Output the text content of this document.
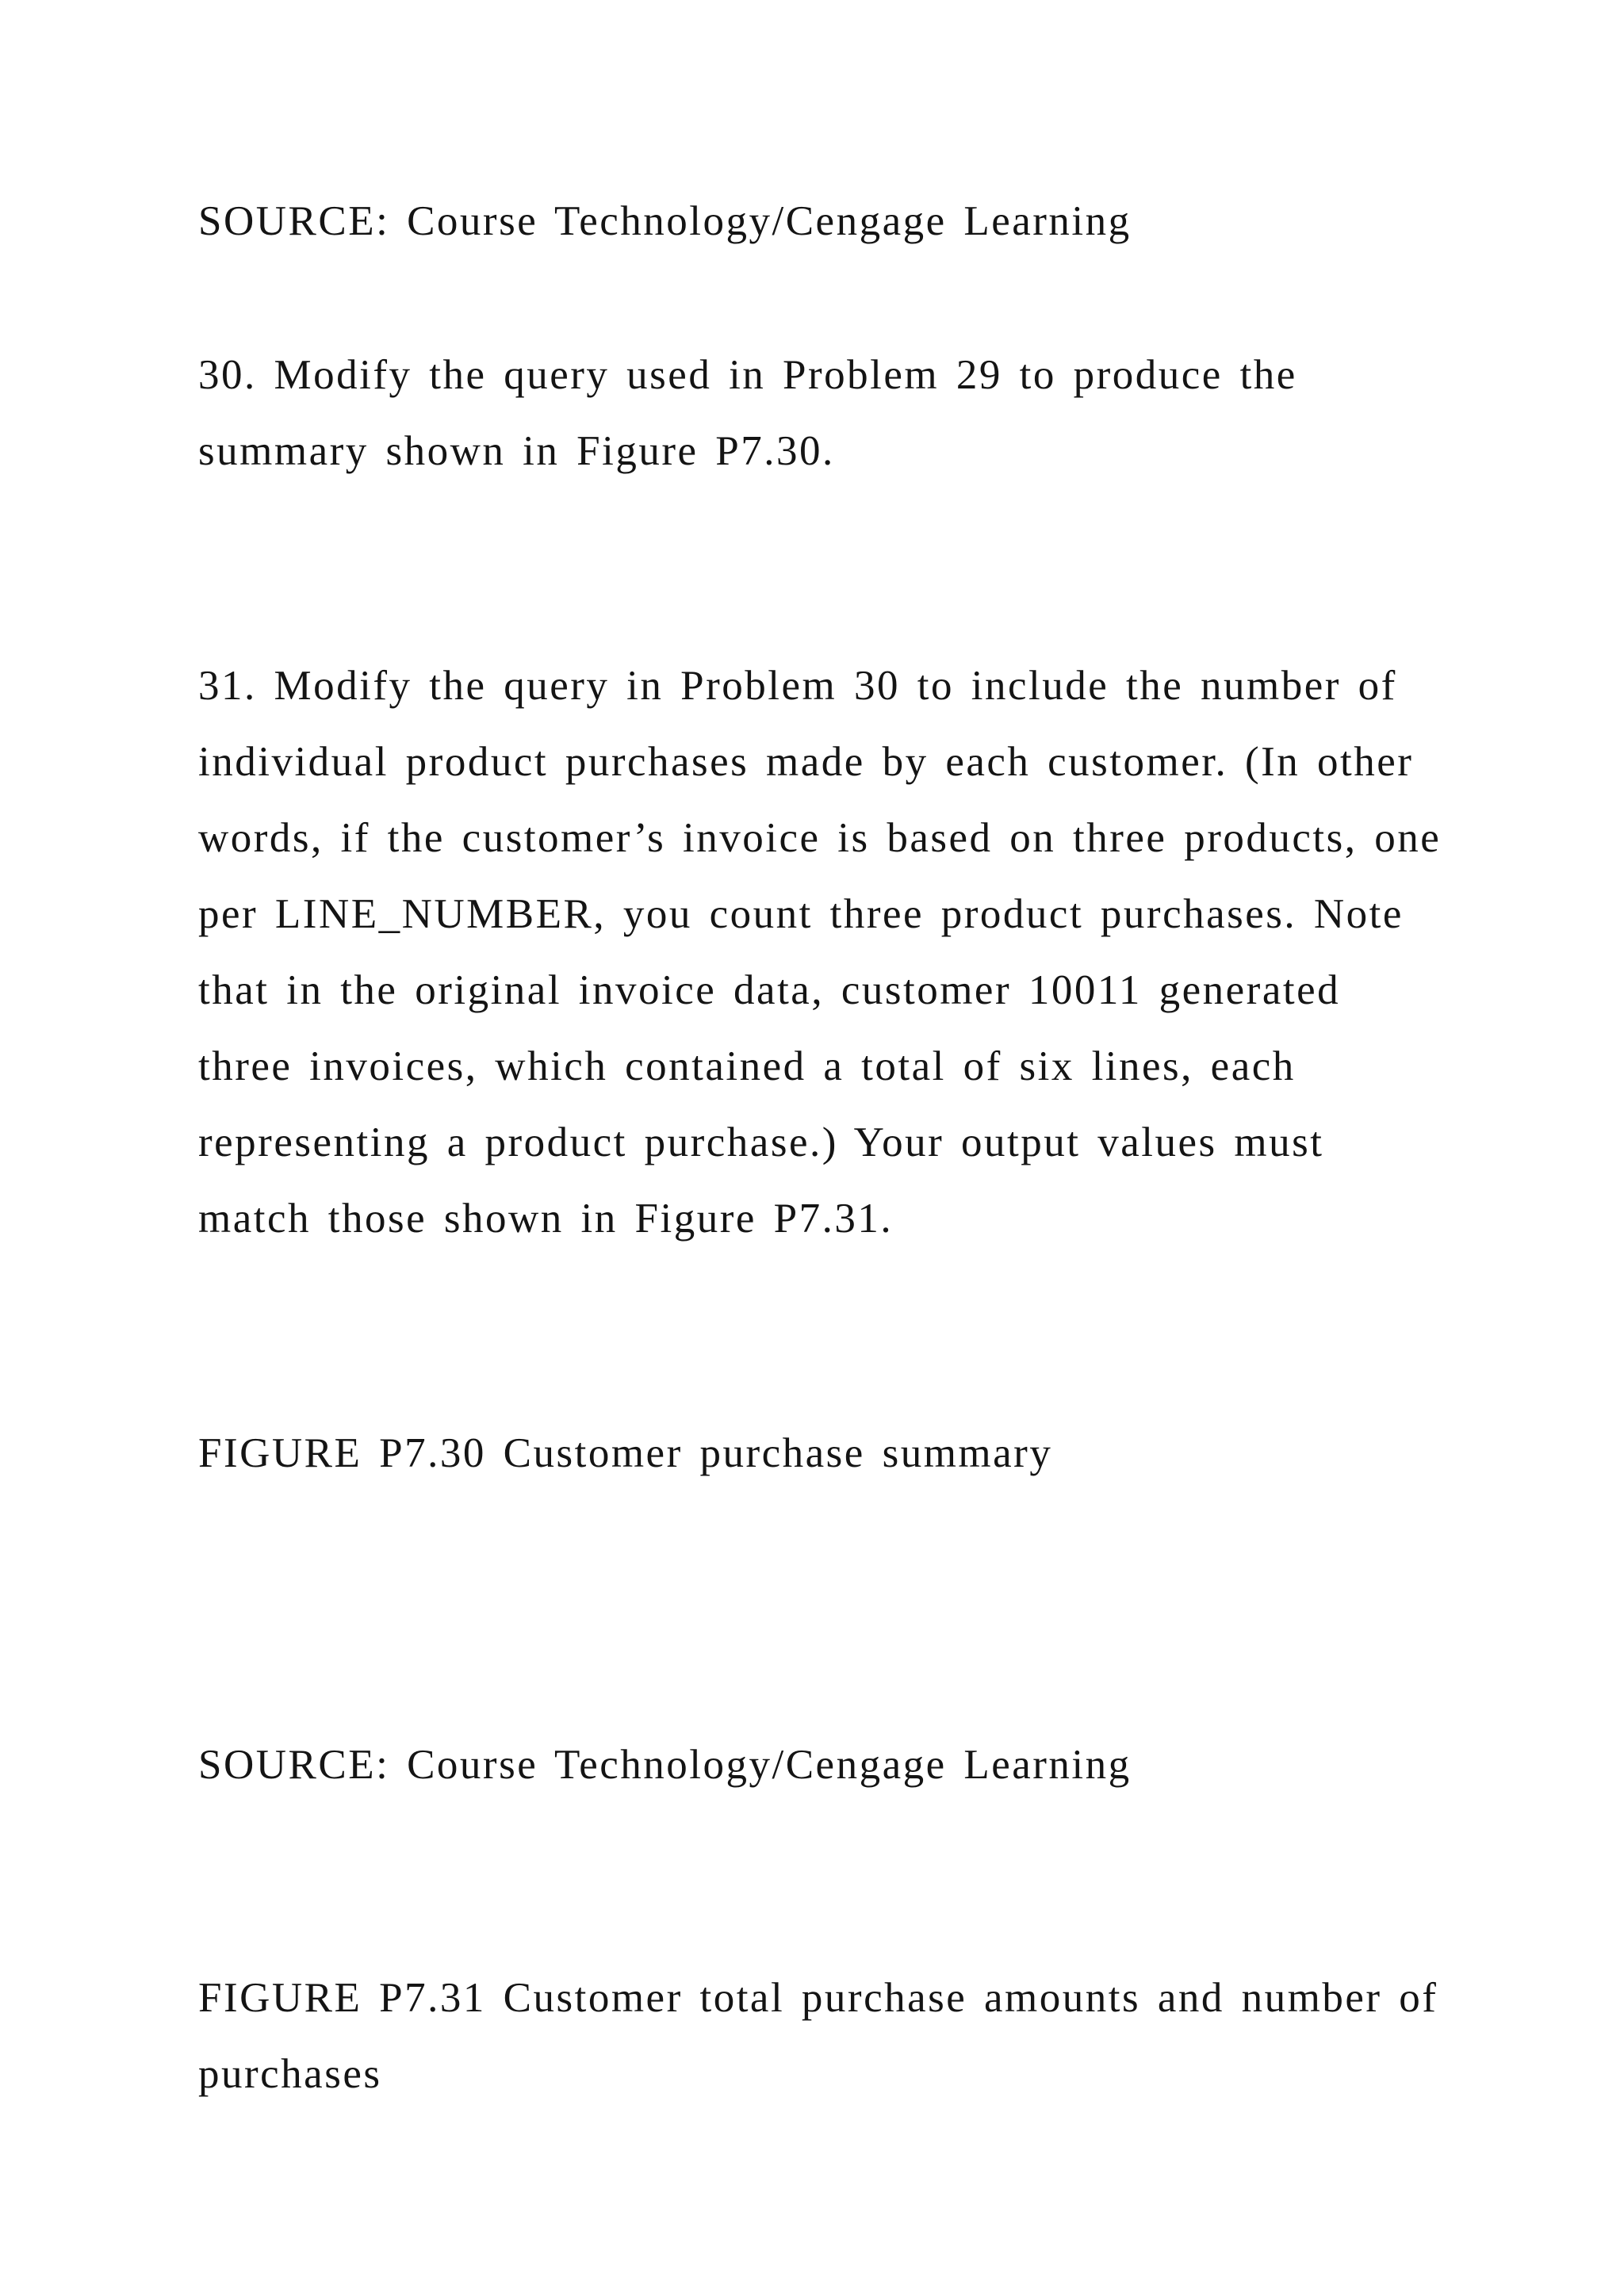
SOURCE: Course Technology/Cengage Learning

30. Modify the query used in Problem 29 to produce the
summary shown in Figure P7.30.

31. Modify the query in Problem 30 to include the number of
individual product purchases made by each customer. (In other
words, if the customer’s invoice is based on three products, one
per LINE_NUMBER, you count three product purchases. Note
that in the original invoice data, customer 10011 generated
three invoices, which contained a total of six lines, each
representing a product purchase.) Your output values must
match those shown in Figure P7.31.

FIGURE P7.30 Customer purchase summary

SOURCE: Course Technology/Cengage Learning

FIGURE P7.31 Customer total purchase amounts and number of
purchases
